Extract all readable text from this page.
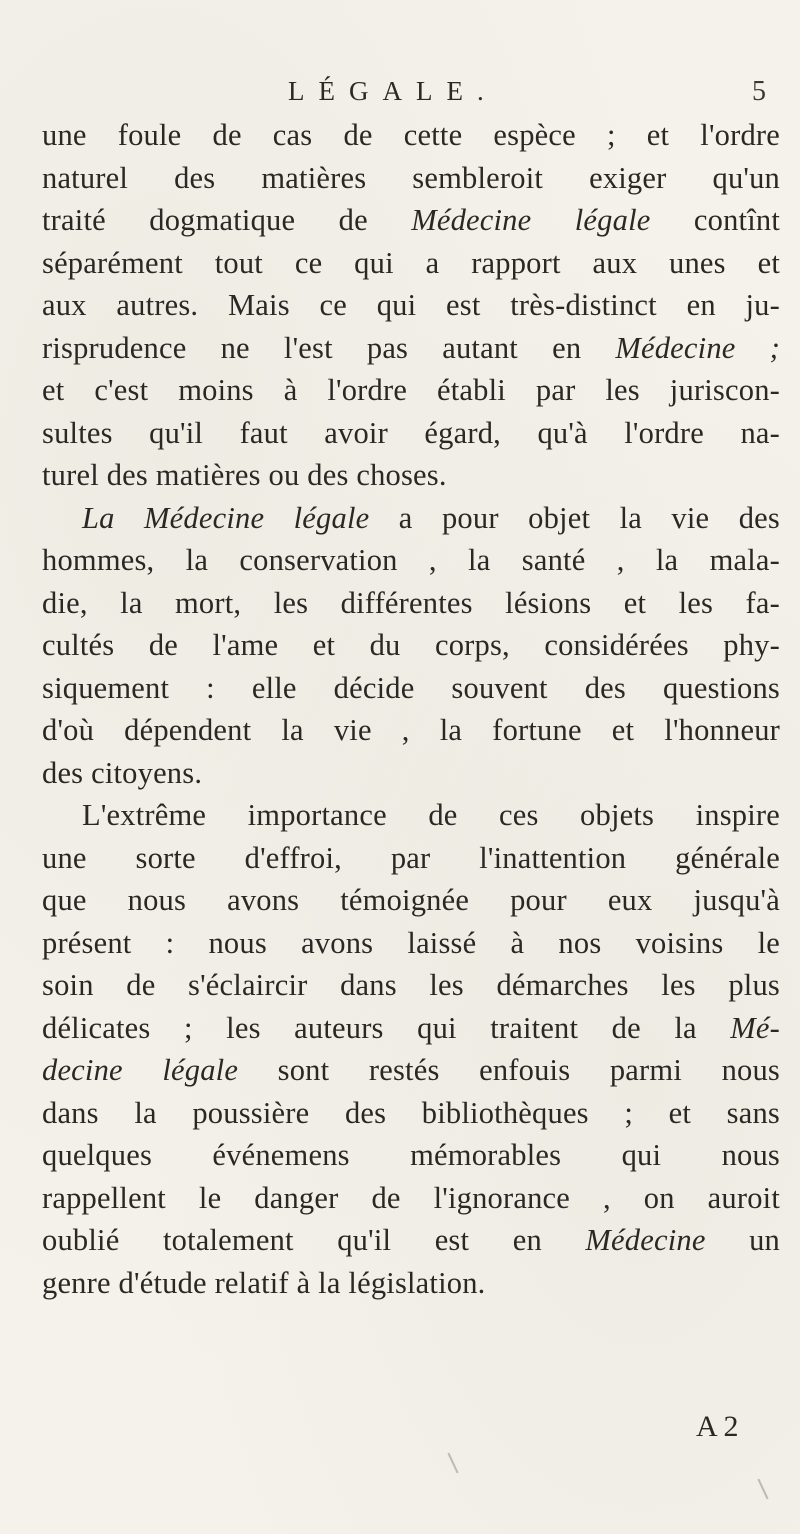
LÉGALE.	5
une foule de cas de cette espèce ; et l'ordre
naturel des matières sembleroit exiger qu'un
traité dogmatique de Médecine légale contînt
séparément tout ce qui a rapport aux unes et
aux autres. Mais ce qui est très-distinct en ju-
risprudence ne l'est pas autant en Médecine ;
et c'est moins à l'ordre établi par les juriscon-
sultes qu'il faut avoir égard, qu'à l'ordre na-
turel des matières ou des choses.
La Médecine légale a pour objet la vie des
hommes, la conservation , la santé , la mala-
die, la mort, les différentes lésions et les fa-
cultés de l'ame et du corps, considérées phy-
siquement : elle décide souvent des questions
d'où dépendent la vie , la fortune et l'honneur
des citoyens.
L'extrême importance de ces objets inspire
une sorte d'effroi, par l'inattention générale
que nous avons témoignée pour eux jusqu'à
présent : nous avons laissé à nos voisins le
soin de s'éclaircir dans les démarches les plus
délicates ; les auteurs qui traitent de la Mé-
decine légale sont restés enfouis parmi nous
dans la poussière des bibliothèques ; et sans
quelques événemens mémorables qui nous
rappellent le danger de l'ignorance , on auroit
oublié totalement qu'il est en Médecine un
genre d'étude relatif à la législation.
A 2
